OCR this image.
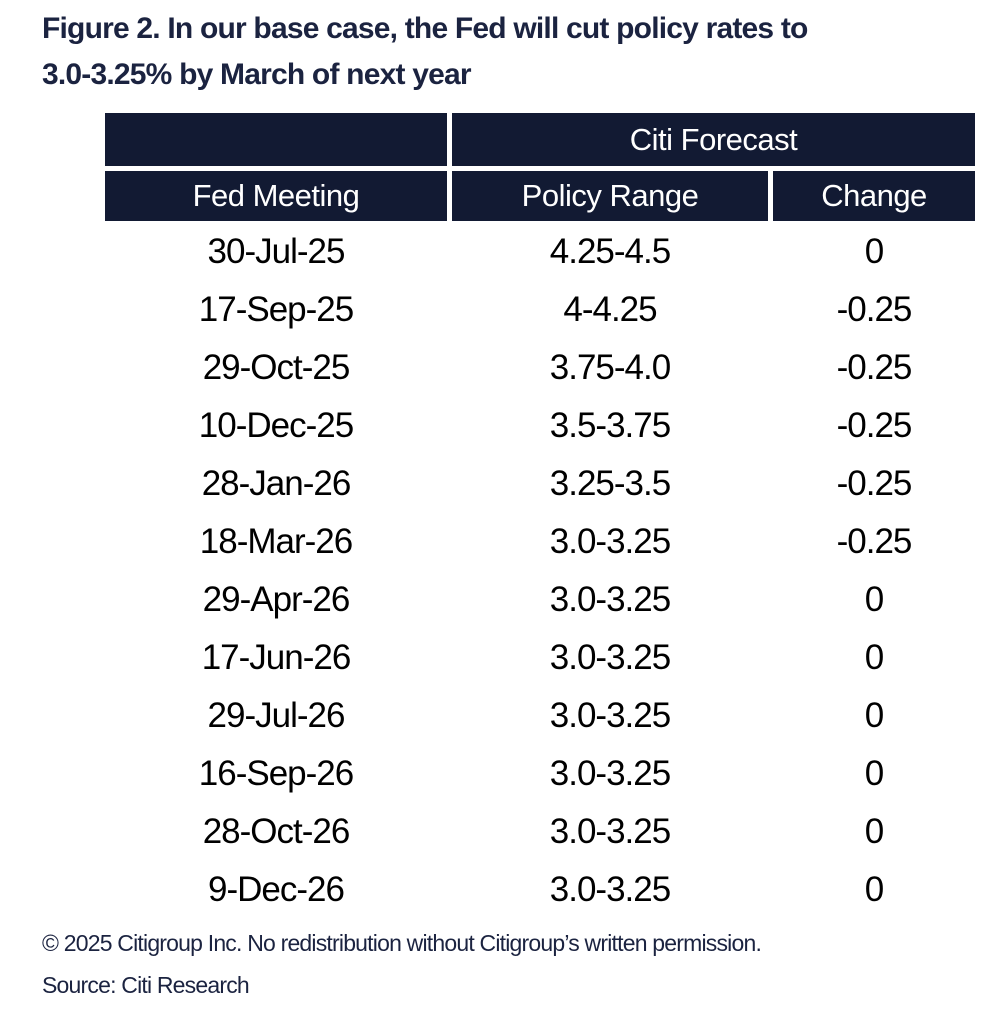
Figure 2. In our base case, the Fed will cut policy rates to
3.0-3.25% by March of next year
Citi Forecast
Fed Meeting	Policy Range	Change
30-Jul-25	4.25-4.5	0
17-Sep-25	4-4.25	-0.25
29-Oct-25	3.75-4.0	-0.25
10-Dec-25	3.5-3.75	-0.25
28-Jan-26	3.25-3.5	-0.25
18-Mar-26	3.0-3.25	-0.25
29-Apr-26	3.0-3.25	0
17-Jun-26	3.0-3.25	0
29-Jul-26	3.0-3.25	0
16-Sep-26	3.0-3.25	0
28-Oct-26	3.0-3.25	0
9-Dec-26	3.0-3.25	0
© 2025 Citigroup Inc. No redistribution without Citigroup’s written permission.
Source: Citi Research
